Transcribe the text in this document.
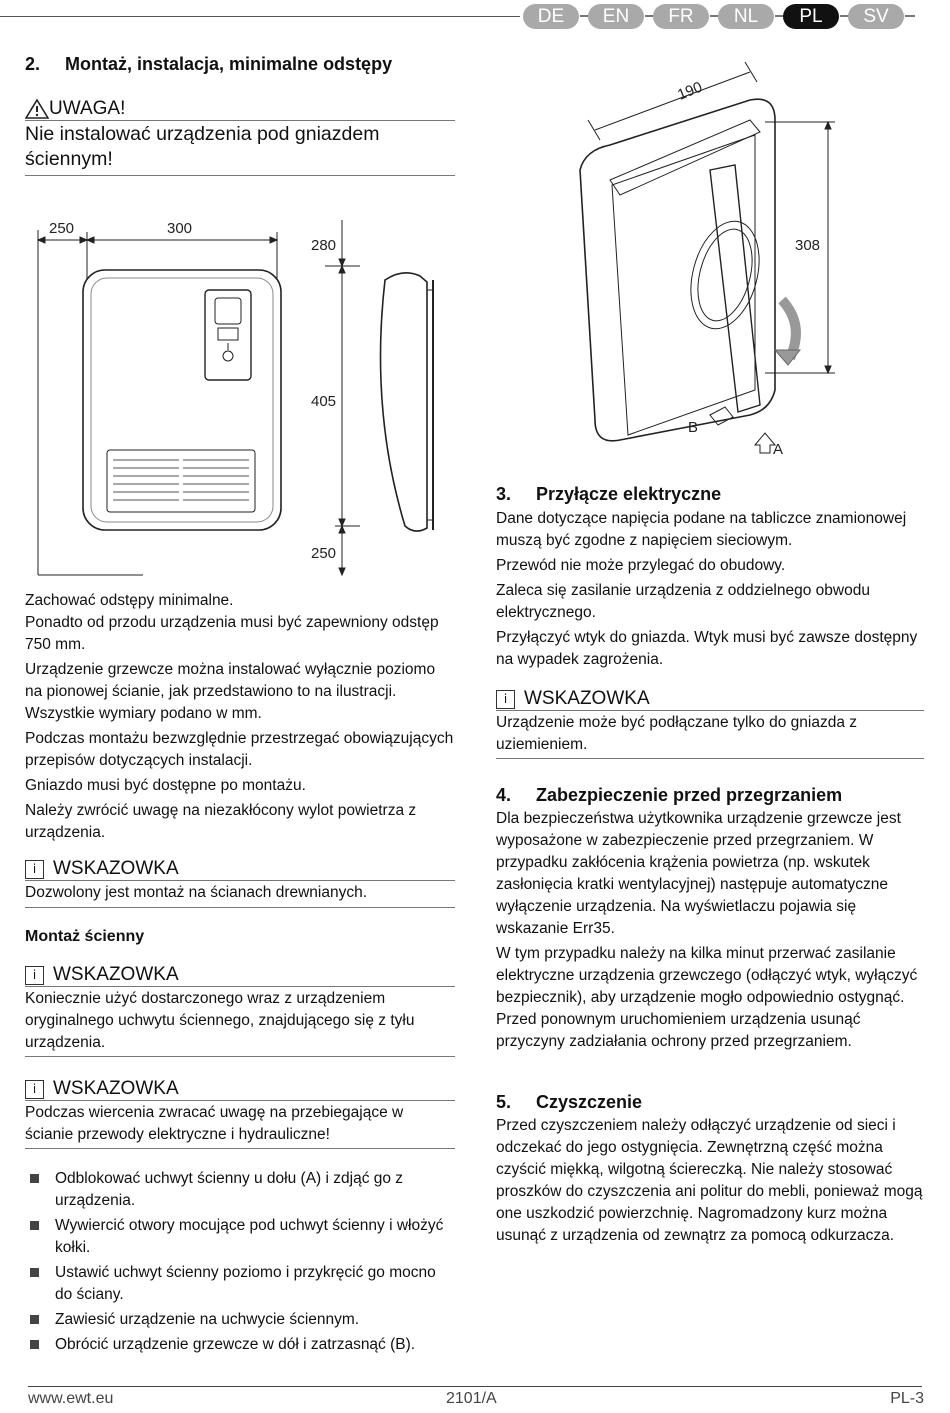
DE	EN	FR	NL	PL	SV
2. Montaż, instalacja, minimalne odstępy
UWAGA!
Nie instalować urządzenia pod gniazdem ściennym!
250	300
280
405
250
190
308
B
A

Zachować odstępy minimalne.
Ponadto od przodu urządzenia musi być zapewniony odstęp 750 mm.

Urządzenie grzewcze można instalować wyłącznie poziomo na pionowej ścianie, jak przedstawiono to na ilustracji. Wszystkie wymiary podano w mm.

Podczas montażu bezwzględnie przestrzegać obowiązujących przepisów dotyczących instalacji.

Gniazdo musi być dostępne po montażu.

Należy zwrócić uwagę na niezakłócony wylot powietrza z urządzenia.

i WSKAZOWKA
Dozwolony jest montaż na ścianach drewnianych.
Montaż ścienny
i WSKAZOWKA
Koniecznie użyć dostarczonego wraz z urządzeniem oryginalnego uchwytu ściennego, znajdującego się z tyłu urządzenia.
i WSKAZOWKA
Podczas wiercenia zwracać uwagę na przebiegające w ścianie przewody elektryczne i hydrauliczne!
Odblokować uchwyt ścienny u dołu (A) i zdjąć go z urządzenia.
Wywiercić otwory mocujące pod uchwyt ścienny i włożyć kołki.
Ustawić uchwyt ścienny poziomo i przykręcić go mocno do ściany.
Zawiesić urządzenie na uchwycie ściennym.
Obrócić urządzenie grzewcze w dół i zatrzasnąć (B).
3. Przyłącze elektryczne

Dane dotyczące napięcia podane na tabliczce znamionowej muszą być zgodne z napięciem sieciowym.

Przewód nie może przylegać do obudowy.

Zaleca się zasilanie urządzenia z oddzielnego obwodu elektrycznego.

Przyłączyć wtyk do gniazda. Wtyk musi być zawsze dostępny na wypadek zagrożenia.

i WSKAZOWKA
Urządzenie może być podłączane tylko do gniazda z uziemieniem.
4. Zabezpieczenie przed przegrzaniem

Dla bezpieczeństwa użytkownika urządzenie grzewcze jest wyposażone w zabezpieczenie przed przegrzaniem. W przypadku zakłócenia krążenia powietrza (np. wskutek zasłonięcia kratki wentylacyjnej) następuje automatyczne wyłączenie urządzenia. Na wyświetlaczu pojawia się wskazanie Err35.

W tym przypadku należy na kilka minut przerwać zasilanie elektryczne urządzenia grzewczego (odłączyć wtyk, wyłączyć bezpiecznik), aby urządzenie mogło odpowiednio ostygnąć.

Przed ponownym uruchomieniem urządzenia usunąć przyczyny zadziałania ochrony przed przegrzaniem.

5. Czyszczenie

Przed czyszczeniem należy odłączyć urządzenie od sieci i odczekać do jego ostygnięcia. Zewnętrzną część można czyścić miękką, wilgotną ściereczką. Nie należy stosować proszków do czyszczenia ani politur do mebli, ponieważ mogą one uszkodzić powierzchnię. Nagromadzony kurz można usunąć z urządzenia od zewnątrz za pomocą odkurzacza.

www.ewt.eu	2101/A	PL-3
